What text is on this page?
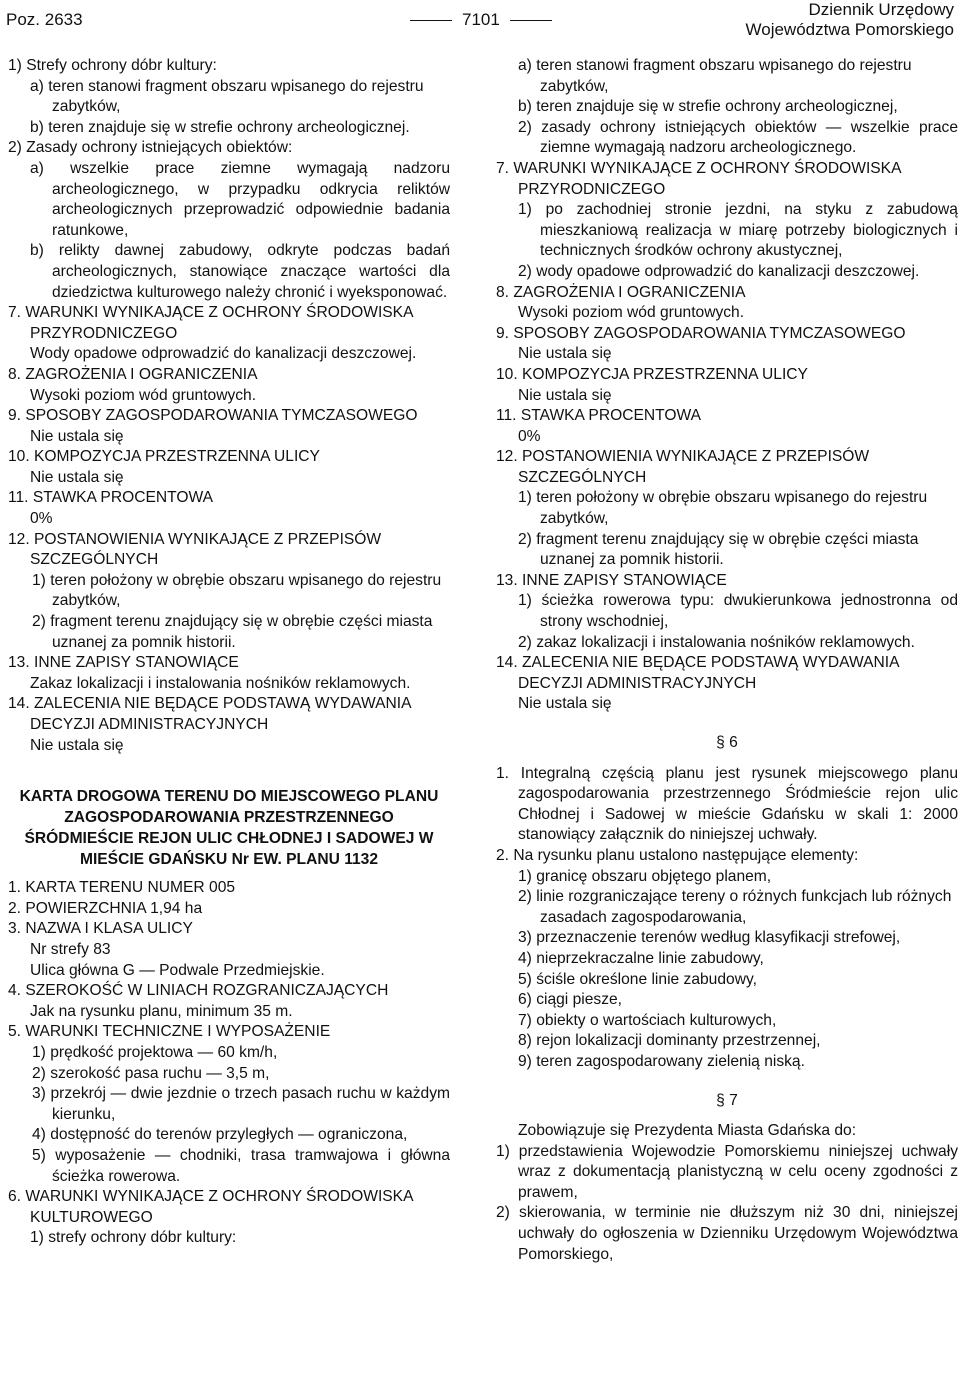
Poz. 2633	7101
Dziennik Urzędowy
Województwa Pomorskiego

1) Strefy ochrony dóbr kultury:

a) teren stanowi fragment obszaru wpisanego do rejestru zabytków,

b) teren znajduje się w strefie ochrony archeologicznej.

2) Zasady ochrony istniejących obiektów:

a) wszelkie prace ziemne wymagają nadzoru archeologicznego, w przypadku odkrycia reliktów archeologicznych przeprowadzić odpowiednie badania ratunkowe,

b) relikty dawnej zabudowy, odkryte podczas badań archeologicznych, stanowiące znaczące wartości dla dziedzictwa kulturowego należy chronić i wyeksponować.

7. WARUNKI WYNIKAJĄCE Z OCHRONY ŚRODOWISKA PRZYRODNICZEGO

Wody opadowe odprowadzić do kanalizacji deszczowej.

8. ZAGROŻENIA I OGRANICZENIA

Wysoki poziom wód gruntowych.

9. SPOSOBY ZAGOSPODAROWANIA TYMCZASOWEGO

Nie ustala się

10. KOMPOZYCJA PRZESTRZENNA ULICY

Nie ustala się

11. STAWKA PROCENTOWA

0%

12. POSTANOWIENIA WYNIKAJĄCE Z PRZEPISÓW SZCZEGÓLNYCH

1) teren położony w obrębie obszaru wpisanego do rejestru zabytków,

2) fragment terenu znajdujący się w obrębie części miasta uznanej za pomnik historii.

13. INNE ZAPISY STANOWIĄCE

Zakaz lokalizacji i instalowania nośników reklamowych.

14. ZALECENIA NIE BĘDĄCE PODSTAWĄ WYDAWANIA DECYZJI ADMINISTRACYJNYCH

Nie ustala się

KARTA DROGOWA TERENU DO MIEJSCOWEGO PLANU ZAGOSPODAROWANIA PRZESTRZENNEGO ŚRÓDMIEŚCIE REJON ULIC CHŁODNEJ I SADOWEJ W MIEŚCIE GDAŃSKU Nr EW. PLANU 1132

1. KARTA TERENU NUMER 005

2. POWIERZCHNIA 1,94 ha

3. NAZWA I KLASA ULICY

Nr strefy 83

Ulica główna G — Podwale Przedmiejskie.

4. SZEROKOŚĆ W LINIACH ROZGRANICZAJĄCYCH

Jak na rysunku planu, minimum 35 m.

5. WARUNKI TECHNICZNE I WYPOSAŻENIE

1) prędkość projektowa — 60 km/h,

2) szerokość pasa ruchu — 3,5 m,

3) przekrój — dwie jezdnie o trzech pasach ruchu w każdym kierunku,

4) dostępność do terenów przyległych — ograniczona,

5) wyposażenie — chodniki, trasa tramwajowa i główna ścieżka rowerowa.

6. WARUNKI WYNIKAJĄCE Z OCHRONY ŚRODOWISKA KULTUROWEGO

1) strefy ochrony dóbr kultury:

a) teren stanowi fragment obszaru wpisanego do rejestru zabytków,

b) teren znajduje się w strefie ochrony archeologicznej,

2) zasady ochrony istniejących obiektów — wszelkie prace ziemne wymagają nadzoru archeologicznego.

7. WARUNKI WYNIKAJĄCE Z OCHRONY ŚRODOWISKA PRZYRODNICZEGO

1) po zachodniej stronie jezdni, na styku z zabudową mieszkaniową realizacja w miarę potrzeby biologicznych i technicznych środków ochrony akustycznej,

2) wody opadowe odprowadzić do kanalizacji deszczowej.

8. ZAGROŻENIA I OGRANICZENIA

Wysoki poziom wód gruntowych.

9. SPOSOBY ZAGOSPODAROWANIA TYMCZASOWEGO

Nie ustala się

10. KOMPOZYCJA PRZESTRZENNA ULICY

Nie ustala się

11. STAWKA PROCENTOWA

0%

12. POSTANOWIENIA WYNIKAJĄCE Z PRZEPISÓW SZCZEGÓLNYCH

1) teren położony w obrębie obszaru wpisanego do rejestru zabytków,

2) fragment terenu znajdujący się w obrębie części miasta uznanej za pomnik historii.

13. INNE ZAPISY STANOWIĄCE

1) ścieżka rowerowa typu: dwukierunkowa jednostronna od strony wschodniej,

2) zakaz lokalizacji i instalowania nośników reklamowych.

14. ZALECENIA NIE BĘDĄCE PODSTAWĄ WYDAWANIA DECYZJI ADMINISTRACYJNYCH

Nie ustala się

§ 6

1. Integralną częścią planu jest rysunek miejscowego planu zagospodarowania przestrzennego Śródmieście rejon ulic Chłodnej i Sadowej w mieście Gdańsku w skali 1: 2000 stanowiący załącznik do niniejszej uchwały.

2. Na rysunku planu ustalono następujące elementy:

1) granicę obszaru objętego planem,

2) linie rozgraniczające tereny o różnych funkcjach lub różnych zasadach zagospodarowania,

3) przeznaczenie terenów według klasyfikacji strefowej,

4) nieprzekraczalne linie zabudowy,

5) ściśle określone linie zabudowy,

6) ciągi piesze,

7) obiekty o wartościach kulturowych,

8) rejon lokalizacji dominanty przestrzennej,

9) teren zagospodarowany zielenią niską.

§ 7

Zobowiązuje się Prezydenta Miasta Gdańska do:

1) przedstawienia Wojewodzie Pomorskiemu niniejszej uchwały wraz z dokumentacją planistyczną w celu oceny zgodności z prawem,

2) skierowania, w terminie nie dłuższym niż 30 dni, niniejszej uchwały do ogłoszenia w Dzienniku Urzędowym Województwa Pomorskiego,
